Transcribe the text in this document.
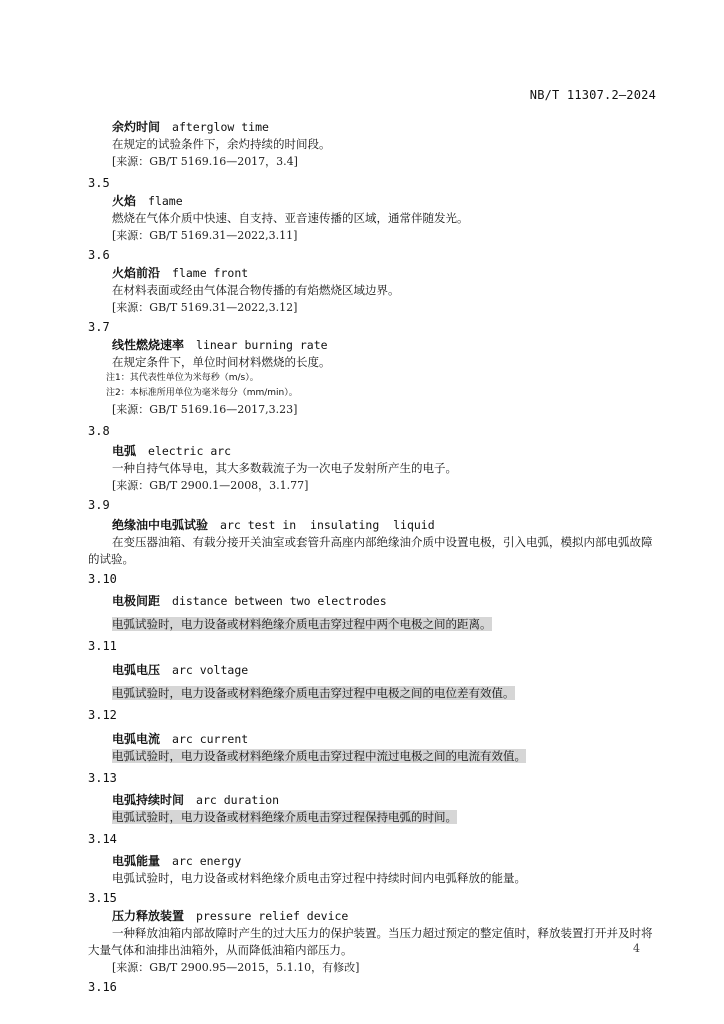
NB/T 11307.2—2024

余灼时间 afterglow time

在规定的试验条件下，余灼持续的时间段。

[来源：GB/T 5169.16—2017，3.4]

3.5

火焰 flame

燃烧在气体介质中快速、自支持、亚音速传播的区域，通常伴随发光。

[来源：GB/T 5169.31—2022,3.11]

3.6

火焰前沿 flame front

在材料表面或经由气体混合物传播的有焰燃烧区域边界。

[来源：GB/T 5169.31—2022,3.12]

3.7

线性燃烧速率 linear burning rate

在规定条件下，单位时间材料燃烧的长度。

注1：其代表性单位为米每秒（m/s）。

注2：本标准所用单位为毫米每分（mm/min）。

[来源：GB/T 5169.16—2017,3.23]

3.8

电弧 electric arc

一种自持气体导电，其大多数载流子为一次电子发射所产生的电子。

[来源：GB/T 2900.1—2008，3.1.77]

3.9

绝缘油中电弧试验 arc test in  insulating  liquid

在变压器油箱、有载分接开关油室或套管升高座内部绝缘油介质中设置电极，引入电弧，模拟内部电弧故障的试验。

3.10

电极间距 distance between two electrodes

电弧试验时，电力设备或材料绝缘介质电击穿过程中两个电极之间的距离。

3.11

电弧电压 arc voltage

电弧试验时，电力设备或材料绝缘介质电击穿过程中电极之间的电位差有效值。

3.12

电弧电流 arc current

电弧试验时，电力设备或材料绝缘介质电击穿过程中流过电极之间的电流有效值。

3.13

电弧持续时间 arc duration

电弧试验时，电力设备或材料绝缘介质电击穿过程保持电弧的时间。

3.14

电弧能量 arc energy

电弧试验时，电力设备或材料绝缘介质电击穿过程中持续时间内电弧释放的能量。

3.15

压力释放装置 pressure relief device

一种释放油箱内部故障时产生的过大压力的保护装置。当压力超过预定的整定值时，释放装置打开并及时将大量气体和油排出油箱外，从而降低油箱内部压力。

[来源：GB/T 2900.95—2015，5.1.10，有修改]

3.16

4
